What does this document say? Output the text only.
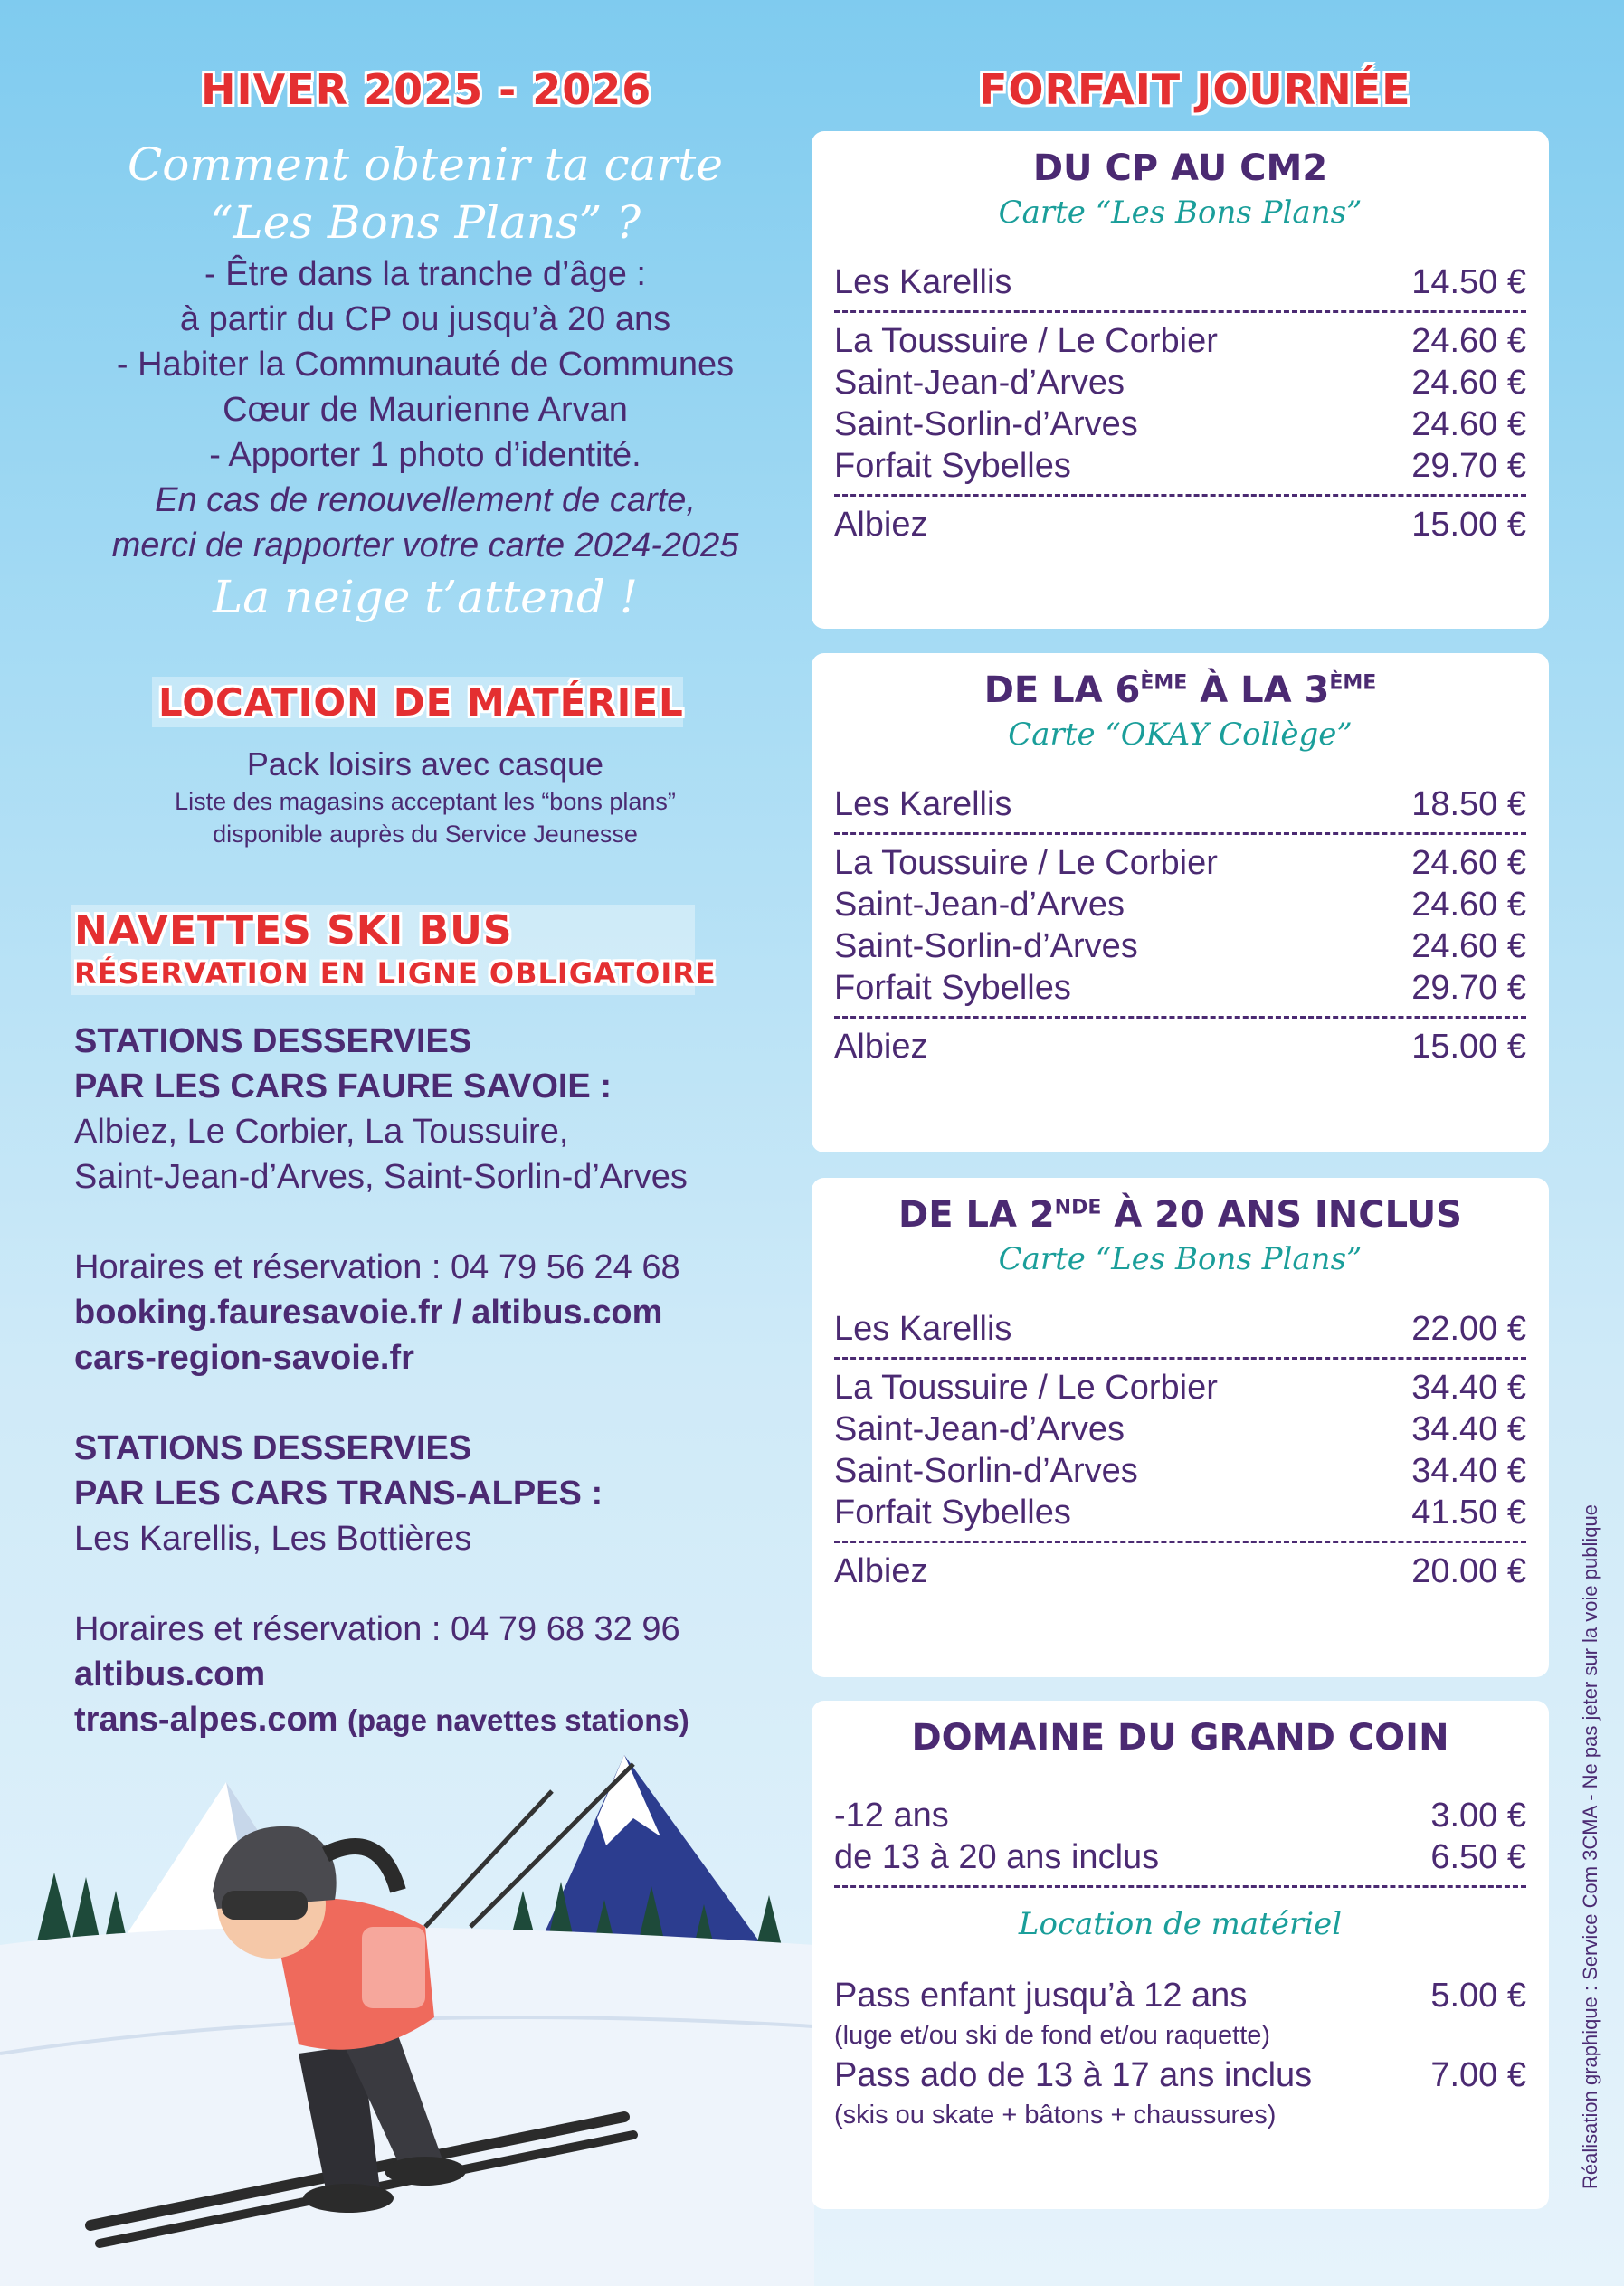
HIVER 2025 - 2026
Comment obtenir ta carte
“Les Bons Plans” ?
- Être dans la tranche d’âge :
à partir du CP ou jusqu’à 20 ans
- Habiter la Communauté de Communes
Cœur de Maurienne Arvan
- Apporter 1 photo d’identité.
En cas de renouvellement de carte,
merci de rapporter votre carte 2024-2025
La neige t’attend !
LOCATION DE MATÉRIEL
Pack loisirs avec casque
Liste des magasins acceptant les “bons plans”
disponible auprès du Service Jeunesse
NAVETTES SKI BUS
RÉSERVATION EN LIGNE OBLIGATOIRE
STATIONS DESSERVIES
PAR LES CARS FAURE SAVOIE :
Albiez, Le Corbier, La Toussuire,
Saint-Jean-d’Arves, Saint-Sorlin-d’Arves
Horaires et réservation : 04 79 56 24 68
booking.fauresavoie.fr / altibus.com
cars-region-savoie.fr
STATIONS DESSERVIES
PAR LES CARS TRANS-ALPES :
Les Karellis, Les Bottières
Horaires et réservation : 04 79 68 32 96
altibus.com
trans-alpes.com (page navettes stations)
FORFAIT JOURNÉE
DU CP AU CM2
Carte “Les Bons Plans”
Les Karellis	14.50 €
La Toussuire / Le Corbier	24.60 €
Saint-Jean-d’Arves	24.60 €
Saint-Sorlin-d’Arves	24.60 €
Forfait Sybelles	29.70 €
Albiez	15.00 €
DE LA 6ÈME À LA 3ÈME
Carte “OKAY Collège”
Les Karellis	18.50 €
La Toussuire / Le Corbier	24.60 €
Saint-Jean-d’Arves	24.60 €
Saint-Sorlin-d’Arves	24.60 €
Forfait Sybelles	29.70 €
Albiez	15.00 €
DE LA 2NDE À 20 ANS INCLUS
Carte “Les Bons Plans”
Les Karellis	22.00 €
La Toussuire / Le Corbier	34.40 €
Saint-Jean-d’Arves	34.40 €
Saint-Sorlin-d’Arves	34.40 €
Forfait Sybelles	41.50 €
Albiez	20.00 €
DOMAINE DU GRAND COIN
-12 ans	3.00 €
de 13 à 20 ans inclus	6.50 €
Location de matériel
Pass enfant jusqu’à 12 ans	5.00 €
(luge et/ou ski de fond et/ou raquette)
Pass ado de 13 à 17 ans inclus	7.00 €
(skis ou skate + bâtons + chaussures)	Réalisation graphique : Service Com 3CMA - Ne pas jeter sur la voie publique
